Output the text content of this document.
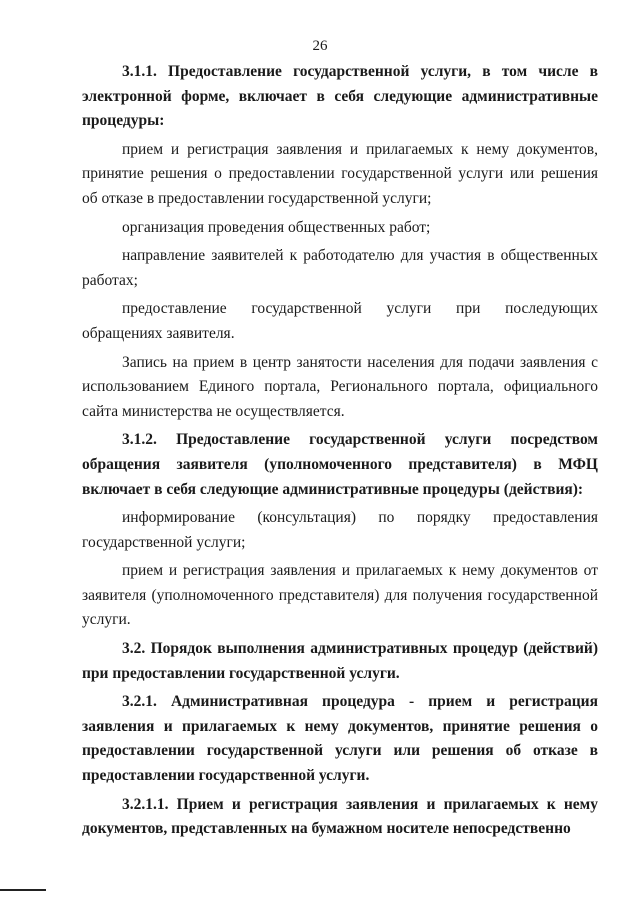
26

3.1.1. Предоставление государственной услуги, в том числе в электронной форме, включает в себя следующие административные процедуры:

прием и регистрация заявления и прилагаемых к нему документов, принятие решения о предоставлении государственной услуги или решения об отказе в предоставлении государственной услуги;

организация проведения общественных работ;

направление заявителей к работодателю для участия в общественных работах;

предоставление государственной услуги при последующих обращениях заявителя.

Запись на прием в центр занятости населения для подачи заявления с использованием Единого портала, Регионального портала, официального сайта министерства не осуществляется.

3.1.2. Предоставление государственной услуги посредством обращения заявителя (уполномоченного представителя) в МФЦ включает в себя следующие административные процедуры (действия):

информирование (консультация) по порядку предоставления государственной услуги;

прием и регистрация заявления и прилагаемых к нему документов от заявителя (уполномоченного представителя) для получения государственной услуги.

3.2. Порядок выполнения административных процедур (действий) при предоставлении государственной услуги.

3.2.1. Административная процедура - прием и регистрация заявления и прилагаемых к нему документов, принятие решения о предоставлении государственной услуги или решения об отказе в предоставлении государственной услуги.

3.2.1.1. Прием и регистрация заявления и прилагаемых к нему документов, представленных на бумажном носителе непосредственно
